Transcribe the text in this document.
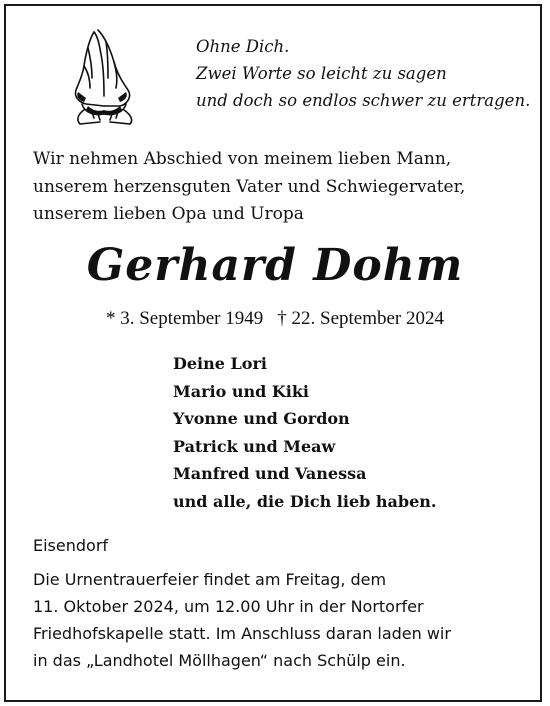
Ohne Dich.
Zwei Worte so leicht zu sagen
und doch so endlos schwer zu ertragen.
Wir nehmen Abschied von meinem lieben Mann,
unserem herzensguten Vater und Schwiegervater,
unserem lieben Opa und Uropa
Gerhard Dohm
* 3. September 1949 † 22. September 2024
Deine Lori
Mario und Kiki
Yvonne und Gordon
Patrick und Meaw
Manfred und Vanessa
und alle, die Dich lieb haben.
Eisendorf
Die Urnentrauerfeier findet am Freitag, dem
11. Oktober 2024, um 12.00 Uhr in der Nortorfer
Friedhofskapelle statt. Im Anschluss daran laden wir
in das „Landhotel Möllhagen“ nach Schülp ein.
